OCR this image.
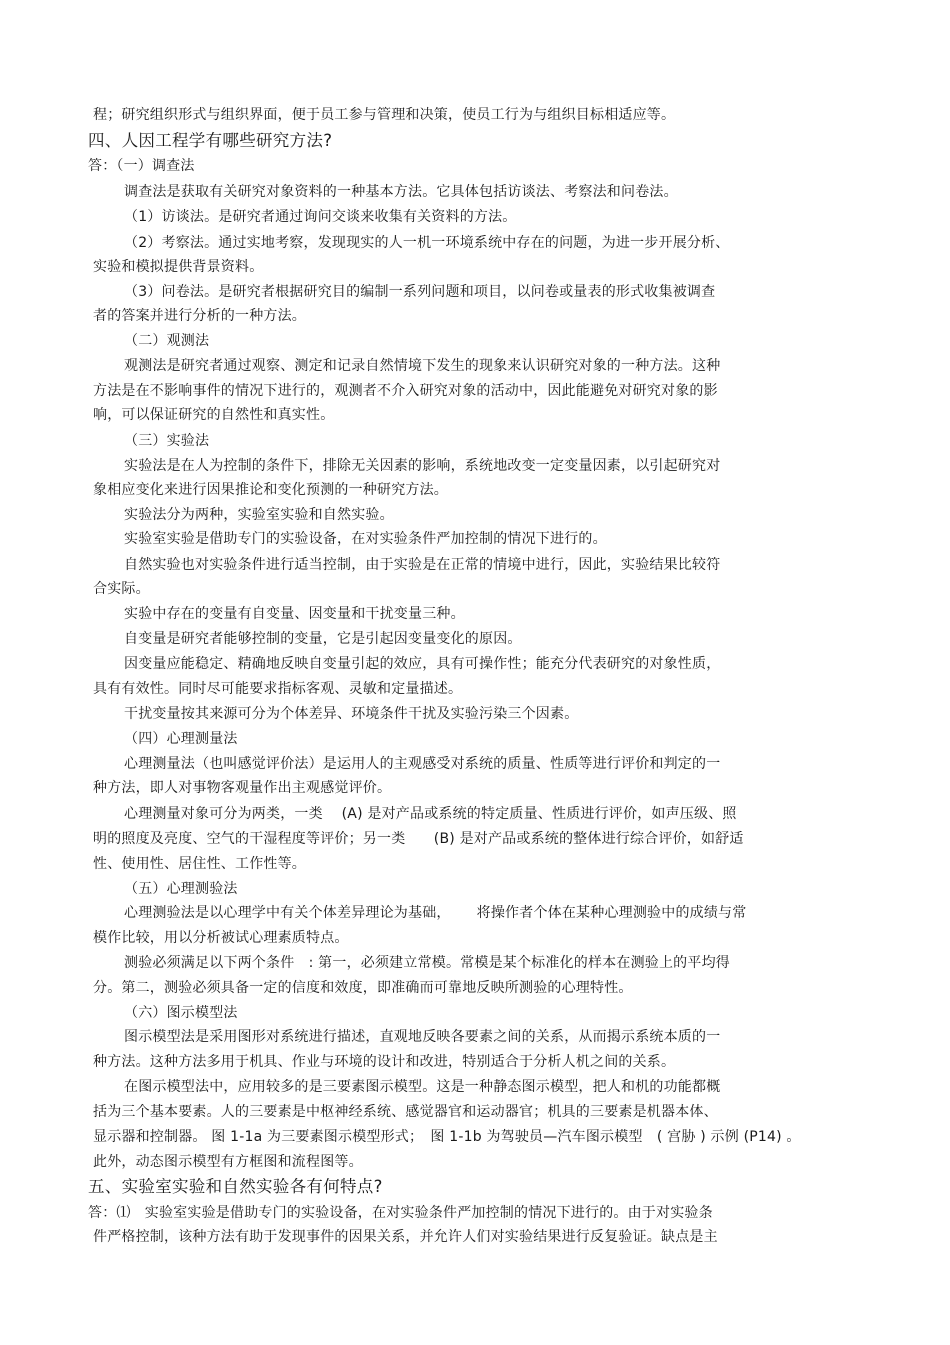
程；研究组织形式与组织界面，便于员工参与管理和决策，使员工行为与组织目标相适应等。
四、人因工程学有哪些研究方法?
答：（一）调查法
调查法是获取有关研究对象资料的一种基本方法。它具体包括访谈法、考察法和问卷法。
（1）访谈法。是研究者通过询问交谈来收集有关资料的方法。
（2）考察法。通过实地考察，发现现实的人一机一环境系统中存在的问题，为进一步开展分析、
实验和模拟提供背景资料。
（3）问卷法。是研究者根据研究目的编制一系列问题和项目，以问卷或量表的形式收集被调查
者的答案并进行分析的一种方法。
（二）观测法
观测法是研究者通过观察、测定和记录自然情境下发生的现象来认识研究对象的一种方法。这种
方法是在不影响事件的情况下进行的，观测者不介入研究对象的活动中，因此能避免对研究对象的影
响，可以保证研究的自然性和真实性。
（三）实验法
实验法是在人为控制的条件下，排除无关因素的影响，系统地改变一定变量因素，以引起研究对
象相应变化来进行因果推论和变化预测的一种研究方法。
实验法分为两种，实验室实验和自然实验。
实验室实验是借助专门的实验设备，在对实验条件严加控制的情况下进行的。
自然实验也对实验条件进行适当控制，由于实验是在正常的情境中进行，因此，实验结果比较符
合实际。
实验中存在的变量有自变量、因变量和干扰变量三种。
自变量是研究者能够控制的变量，它是引起因变量变化的原因。
因变量应能稳定、精确地反映自变量引起的效应，具有可操作性；能充分代表研究的对象性质，
具有有效性。同时尽可能要求指标客观、灵敏和定量描述。
干扰变量按其来源可分为个体差异、环境条件干扰及实验污染三个因素。
（四）心理测量法
心理测量法（也叫感觉评价法）是运用人的主观感受对系统的质量、性质等进行评价和判定的一
种方法，即人对事物客观量作出主观感觉评价。
心理测量对象可分为两类，一类　 (A) 是对产品或系统的特定质量、性质进行评价，如声压级、照
明的照度及亮度、空气的干湿程度等评价；另一类　　(B) 是对产品或系统的整体进行综合评价，如舒适
性、使用性、居住性、工作性等。
（五）心理测验法
心理测验法是以心理学中有关个体差异理论为基础，　　 将操作者个体在某种心理测验中的成绩与常
模作比较，用以分析被试心理素质特点。
测验必须满足以下两个条件　: 第一，必须建立常模。常模是某个标准化的样本在测验上的平均得
分。第二，测验必须具备一定的信度和效度，即准确而可靠地反映所测验的心理特性。
（六）图示模型法
图示模型法是采用图形对系统进行描述，直观地反映各要素之间的关系，从而揭示系统本质的一
种方法。这种方法多用于机具、作业与环境的设计和改进，特别适合于分析人机之间的关系。
在图示模型法中，应用较多的是三要素图示模型。这是一种静态图示模型，把人和机的功能都概
括为三个基本要素。人的三要素是中枢神经系统、感觉器官和运动器官；机具的三要素是机器本体、
显示器和控制器。 图 1-1a 为三要素图示模型形式；　图 1-1b 为驾驶员—汽车图示模型　( 宫胁 ) 示例 (P14) 。
此外，动态图示模型有方框图和流程图等。
五、实验室实验和自然实验各有何特点?
答：⑴　实验室实验是借助专门的实验设备，在对实验条件严加控制的情况下进行的。由于对实验条
件严格控制，该种方法有助于发现事件的因果关系，并允许人们对实验结果进行反复验证。缺点是主
